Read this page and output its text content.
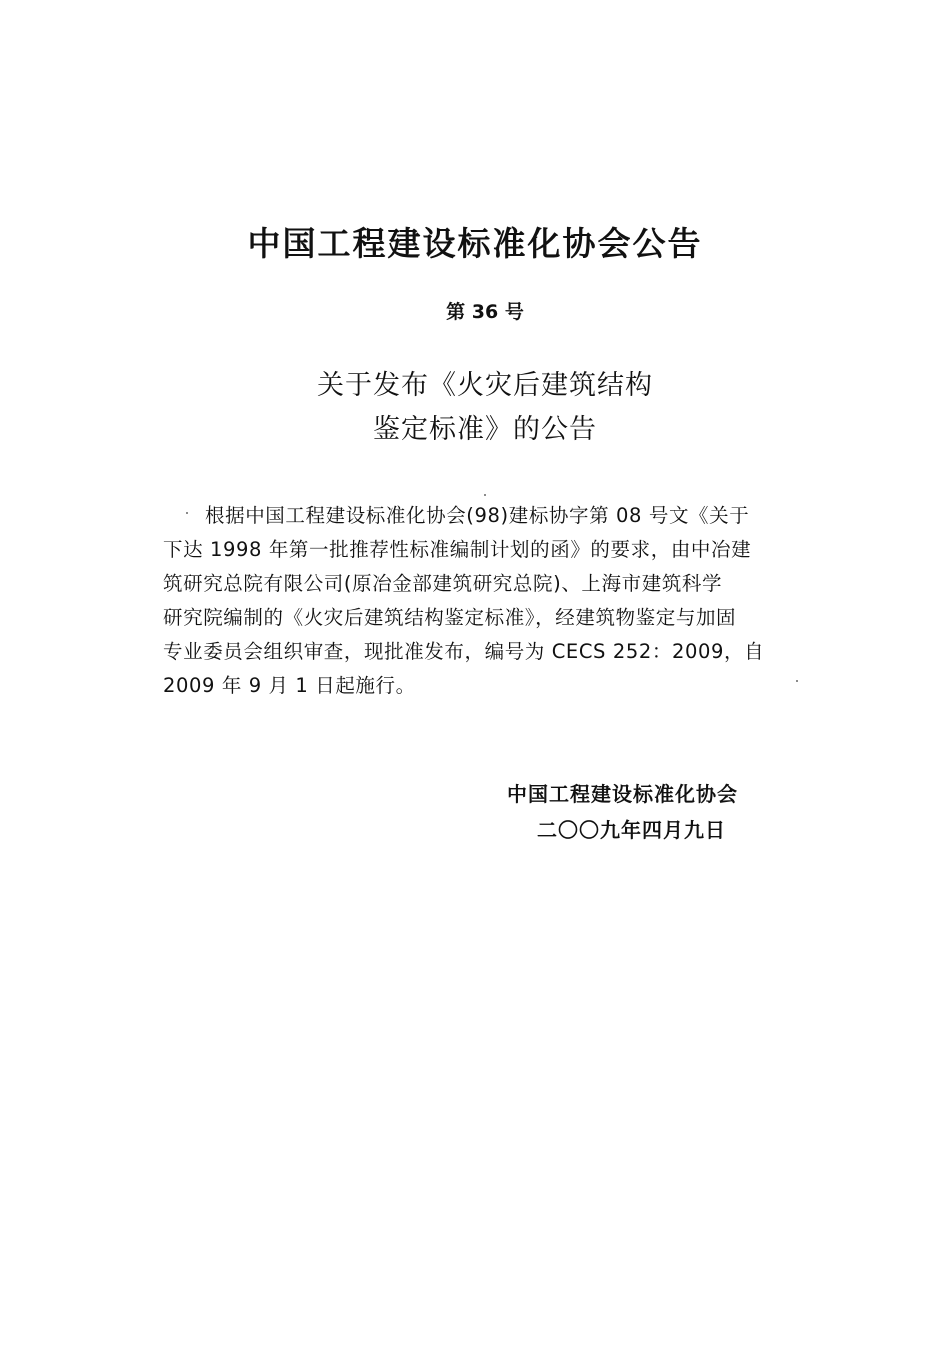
中国工程建设标准化协会公告
第 36 号
关于发布《火灾后建筑结构
鉴定标准》的公告
根据中国工程建设标准化协会(98)建标协字第 08 号文《关于
下达 1998 年第一批推荐性标准编制计划的函》的要求，由中冶建
筑研究总院有限公司(原冶金部建筑研究总院)、上海市建筑科学
研究院编制的《火灾后建筑结构鉴定标准》，经建筑物鉴定与加固
专业委员会组织审查，现批准发布，编号为 CECS 252：2009，自
2009 年 9 月 1 日起施行。
中国工程建设标准化协会
二〇〇九年四月九日
